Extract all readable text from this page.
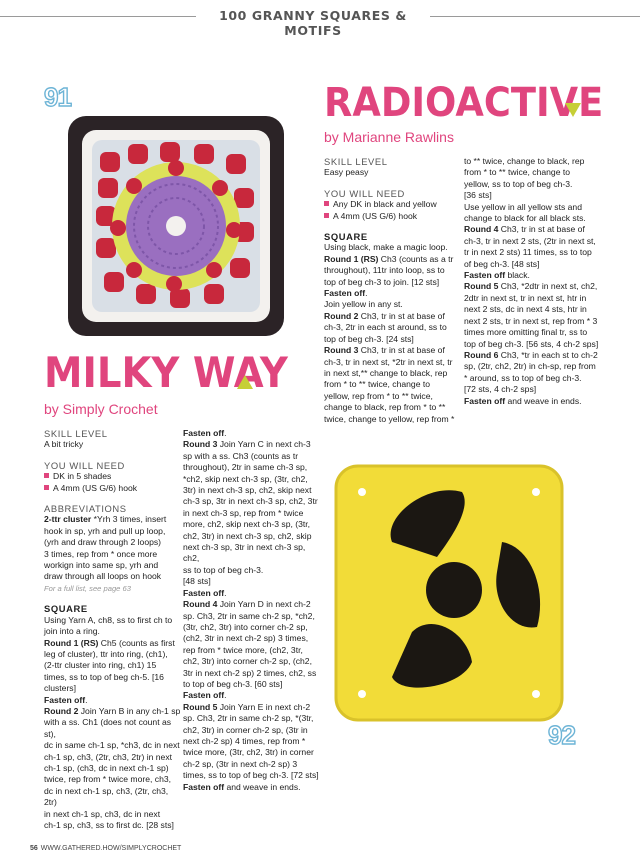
100 GRANNY SQUARES & MOTIFS
91
92
RADIOACTIVE
by Marianne Rawlins
MILKY WAY
by Simply Crochet

SKILL LEVEL

Easy peasy

YOU WILL NEED

Any DK in black and yellow

A 4mm (US G/6) hook

SQUARE

Using black, make a magic loop.

Round 1 (RS) Ch3 (counts as a tr

throughout), 11tr into loop, ss to

top of beg ch-3 to join. [12 sts]

Fasten off.

Join yellow in any st.

Round 2 Ch3, tr in st at base of

ch-3, 2tr in each st around, ss to

top of beg ch-3. [24 sts]

Round 3 Ch3, tr in st at base of

ch-3, tr in next st, *2tr in next st, tr

in next st,** change to black, rep

from * to ** twice, change to

yellow, rep from * to ** twice,

change to black, rep from * to **

twice, change to yellow, rep from *

to ** twice, change to black, rep

from * to ** twice, change to

yellow, ss to top of beg ch-3.

[36 sts]

Use yellow in all yellow sts and

change to black for all black sts.

Round 4 Ch3, tr in st at base of

ch-3, tr in next 2 sts, (2tr in next st,

tr in next 2 sts) 11 times, ss to top

of beg ch-3. [48 sts]

Fasten off black.

Round 5 Ch3, *2dtr in next st, ch2,

2dtr in next st, tr in next st, htr in

next 2 sts, dc in next 4 sts, htr in

next 2 sts, tr in next st, rep from * 3

times more omitting final tr, ss to

top of beg ch-3. [56 sts, 4 ch-2 sps]

Round 6 Ch3, *tr in each st to ch-2

sp, (2tr, ch2, 2tr) in ch-sp, rep from

* around, ss to top of beg ch-3.

[72 sts, 4 ch-2 sps]

Fasten off and weave in ends.

SKILL LEVEL

A bit tricky

YOU WILL NEED

DK in 5 shades

A 4mm (US G/6) hook

ABBREVIATIONS

2-ttr cluster *Yrh 3 times, insert

hook in sp, yrh and pull up loop,

(yrh and draw through 2 loops)

3 times, rep from * once more

workign into same sp, yrh and

draw through all loops on hook

For a full list, see page 63

SQUARE

Using Yarn A, ch8, ss to first ch to

join into a ring.

Round 1 (RS) Ch5 (counts as first

leg of cluster), ttr into ring, (ch1),

(2-ttr cluster into ring, ch1) 15

times, ss to top of beg ch-5. [16

clusters]

Fasten off.

Round 2 Join Yarn B in any ch-1 sp

with a ss. Ch1 (does not count as st),

dc in same ch-1 sp, *ch3, dc in next

ch-1 sp, ch3, (2tr, ch3, 2tr) in next

ch-1 sp, (ch3, dc in next ch-1 sp)

twice, rep from * twice more, ch3,

dc in next ch-1 sp, ch3, (2tr, ch3, 2tr)

in next ch-1 sp, ch3, dc in next

ch-1 sp, ch3, ss to first dc. [28 sts]

Fasten off.

Round 3 Join Yarn C in next ch-3

sp with a ss. Ch3 (counts as tr

throughout), 2tr in same ch-3 sp,

*ch2, skip next ch-3 sp, (3tr, ch2,

3tr) in next ch-3 sp, ch2, skip next

ch-3 sp, 3tr in next ch-3 sp, ch2, 3tr

in next ch-3 sp, rep from * twice

more, ch2, skip next ch-3 sp, (3tr,

ch2, 3tr) in next ch-3 sp, ch2, skip

next ch-3 sp, 3tr in next ch-3 sp, ch2,

ss to top of beg ch-3.

[48 sts]

Fasten off.

Round 4 Join Yarn D in next ch-2

sp. Ch3, 2tr in same ch-2 sp, *ch2,

(3tr, ch2, 3tr) into corner ch-2 sp,

(ch2, 3tr in next ch-2 sp) 3 times,

rep from * twice more, (ch2, 3tr,

ch2, 3tr) into corner ch-2 sp, (ch2,

3tr in next ch-2 sp) 2 times, ch2, ss

to top of beg ch-3. [60 sts]

Fasten off.

Round 5 Join Yarn E in next ch-2

sp. Ch3, 2tr in same ch-2 sp, *(3tr,

ch2, 3tr) in corner ch-2 sp, (3tr in

next ch-2 sp) 4 times, rep from *

twice more, (3tr, ch2, 3tr) in corner

ch-2 sp, (3tr in next ch-2 sp) 3

times, ss to top of beg ch-3. [72 sts]

Fasten off and weave in ends.

56 WWW.GATHERED.HOW/SIMPLYCROCHET
